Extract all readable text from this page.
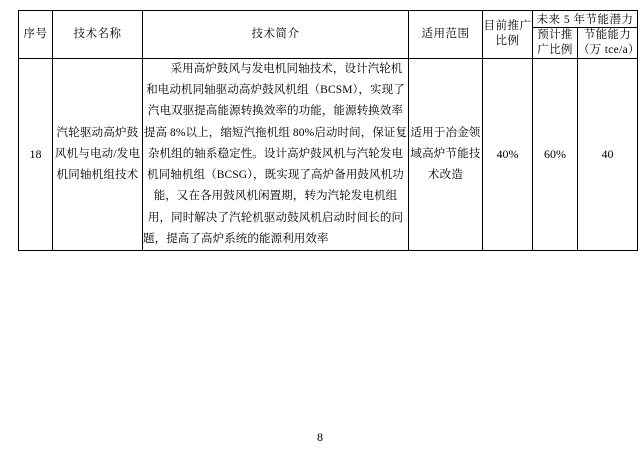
序号	技术名称	技术简介	适用范围	目前推广比例	未来 5 年节能潜力	
					预计推广比例	节能能力（万 tce/a）
18	汽轮驱动高炉鼓风机与电动/发电机同轴机组技术	采用高炉鼓风与发电机同轴技术，设计汽轮机和电动机同轴驱动高炉鼓风机组（BCSM），实现了汽电双驱提高能源转换效率的功能，能源转换效率提高 8%以上，缩短汽拖机组 80%启动时间，保证复杂机组的轴系稳定性。设计高炉鼓风机与汽轮发电机同轴机组（BCSG），既实现了高炉备用鼓风机功能，又在各用鼓风机闲置期，转为汽轮发电机组用，同时解决了汽轮机驱动鼓风机启动时间长的问题，提高了高炉系统的能源利用效率	适用于冶金领域高炉节能技术改造	40%	60%	40
8
